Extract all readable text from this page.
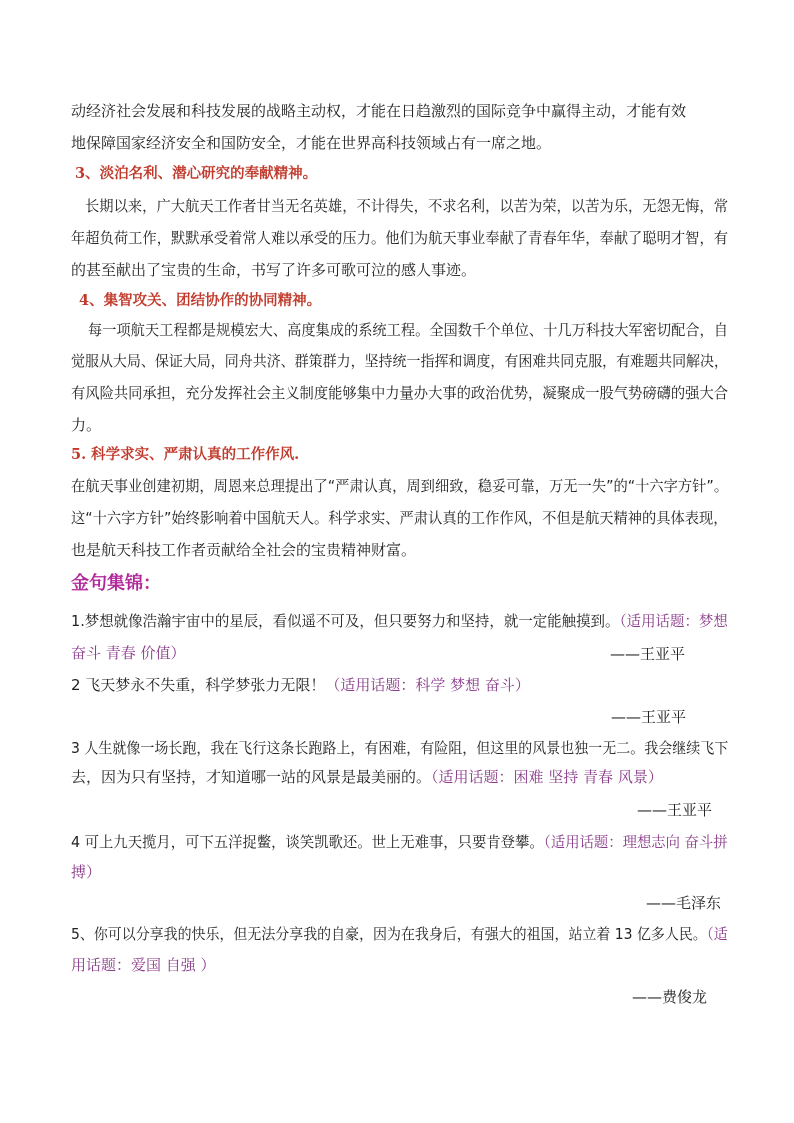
动经济社会发展和科技发展的战略主动权，才能在日趋激烈的国际竞争中赢得主动，才能有效
地保障国家经济安全和国防安全，才能在世界高科技领域占有一席之地。
3、淡泊名利、潜心研究的奉献精神。
长期以来，广大航天工作者甘当无名英雄，不计得失，不求名利，以苦为荣，以苦为乐，无怨无悔，常
年超负荷工作，默默承受着常人难以承受的压力。他们为航天事业奉献了青春年华，奉献了聪明才智，有
的甚至献出了宝贵的生命，书写了许多可歌可泣的感人事迹。
4、集智攻关、团结协作的协同精神。
每一项航天工程都是规模宏大、高度集成的系统工程。全国数千个单位、十几万科技大军密切配合，自
觉服从大局、保证大局，同舟共济、群策群力，坚持统一指挥和调度，有困难共同克服，有难题共同解决，
有风险共同承担，充分发挥社会主义制度能够集中力量办大事的政治优势，凝聚成一股气势磅礴的强大合
力。
5. 科学求实、严肃认真的工作作风.
在航天事业创建初期，周恩来总理提出了“严肃认真，周到细致，稳妥可靠，万无一失”的“十六字方针”。
这“十六字方针”始终影响着中国航天人。科学求实、严肃认真的工作作风，不但是航天精神的具体表现，
也是航天科技工作者贡献给全社会的宝贵精神财富。
金句集锦：
1.梦想就像浩瀚宇宙中的星辰，看似遥不可及，但只要努力和坚持，就一定能触摸到。（适用话题：梦想
奋斗 青春 价值）	——王亚平
2 飞天梦永不失重，科学梦张力无限！（适用话题：科学 梦想 奋斗）
——王亚平
3 人生就像一场长跑，我在飞行这条长跑路上，有困难，有险阻，但这里的风景也独一无二。我会继续飞下
去，因为只有坚持，才知道哪一站的风景是最美丽的。（适用话题：困难 坚持 青春 风景）
——王亚平
4 可上九天揽月，可下五洋捉鳖，谈笑凯歌还。世上无难事，只要肯登攀。（适用话题：理想志向 奋斗拼
搏）
——毛泽东
5、你可以分享我的快乐，但无法分享我的自豪，因为在我身后，有强大的祖国，站立着 13 亿多人民。（适
用话题：爱国 自强 ）
——费俊龙
